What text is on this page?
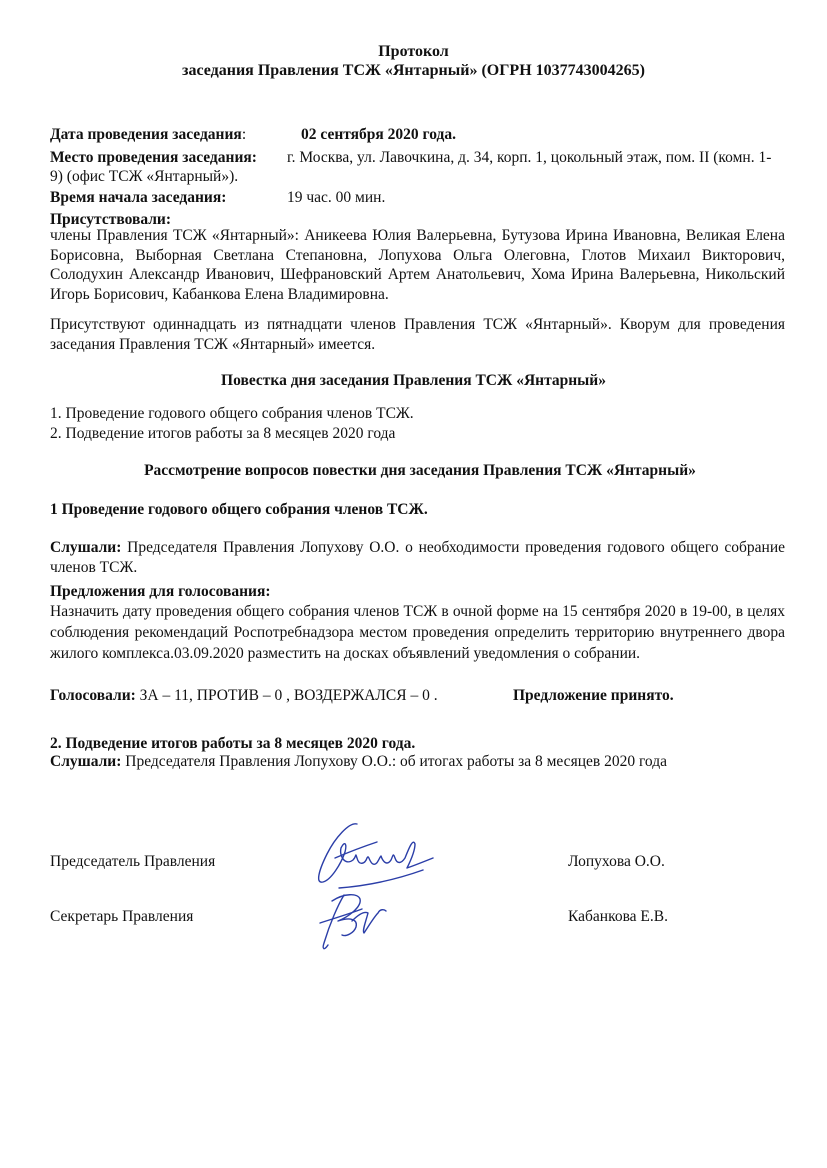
Протокол
заседания Правления ТСЖ «Янтарный» (ОГРН 1037743004265)
Дата проведения заседания:	02 сентября 2020 года.
Место проведения заседания: г. Москва, ул. Лавочкина, д. 34, корп. 1, цокольный этаж, пом. II (комн. 1-
9) (офис ТСЖ «Янтарный»).
Время начала заседания:	19 час. 00 мин.
Присутствовали:
члены Правления ТСЖ «Янтарный»: Аникеева Юлия Валерьевна, Бутузова Ирина Ивановна, Великая Елена Борисовна, Выборная Светлана Степановна, Лопухова Ольга Олеговна, Глотов Михаил Викторович, Солодухин Александр Иванович, Шефрановский Артем Анатольевич, Хома Ирина Валерьевна, Никольский Игорь Борисович, Кабанкова Елена Владимировна.
Присутствуют одиннадцать из пятнадцати членов Правления ТСЖ «Янтарный». Кворум для проведения заседания Правления ТСЖ «Янтарный» имеется.
Повестка дня заседания Правления ТСЖ «Янтарный»
1. Проведение годового общего собрания членов ТСЖ.
2. Подведение итогов работы за 8 месяцев 2020 года
Рассмотрение вопросов повестки дня заседания Правления ТСЖ «Янтарный»
1 Проведение годового общего собрания членов ТСЖ.
Слушали: Председателя Правления Лопухову О.О. о необходимости проведения годового общего собрание членов ТСЖ.
Предложения для голосования:
Назначить дату проведения общего собрания членов ТСЖ в очной форме на 15 сентября 2020 в 19-00, в целях соблюдения рекомендаций Роспотребнадзора местом проведения определить территорию внутреннего двора жилого комплекса.03.09.2020 разместить на досках объявлений уведомления о собрании.
Голосовали: ЗА – 11, ПРОТИВ – 0 , ВОЗДЕРЖАЛСЯ – 0 .	Предложение принято.
2. Подведение итогов работы за 8 месяцев 2020 года.
Слушали: Председателя Правления Лопухову О.О.: об итогах работы за 8 месяцев 2020 года
Председатель Правления	Лопухова О.О.
Секретарь Правления	Кабанкова Е.В.
